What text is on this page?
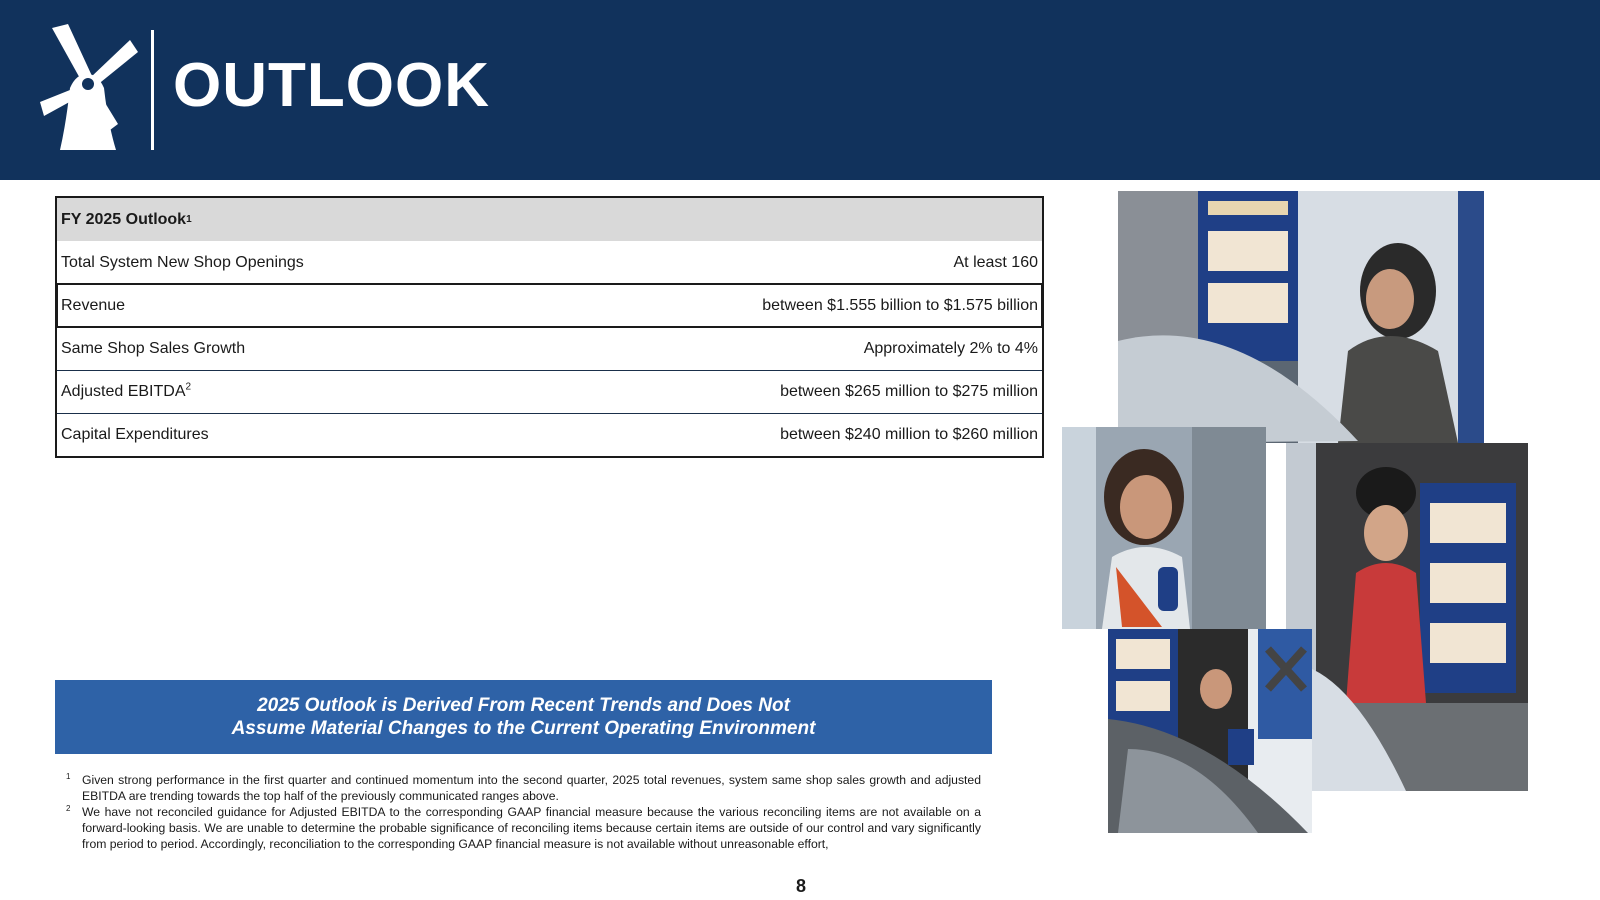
OUTLOOK
FY 2025 Outlook 1
Total System New Shop Openings	At least 160
Revenue	between $1.555 billion to $1.575 billion
Same Shop Sales Growth	Approximately 2% to 4%
Adjusted EBITDA$^2$	between $265 million to $275 million
Capital Expenditures	between $240 million to $260 million
2025 Outlook is Derived From Recent Trends and Does Not
Assume Material Changes to the Current Operating Environment
1 Given strong performance in the first quarter and continued momentum into the second quarter, 2025 total revenues, system same shop sales growth and adjusted EBITDA are trending towards the top half of the previously communicated ranges above.
2 We have not reconciled guidance for Adjusted EBITDA to the corresponding GAAP financial measure because the various reconciling items are not available on a forward-looking basis. We are unable to determine the probable significance of reconciling items because certain items are outside of our control and vary significantly from period to period. Accordingly, reconciliation to the corresponding GAAP financial measure is not available without unreasonable effort,
8
